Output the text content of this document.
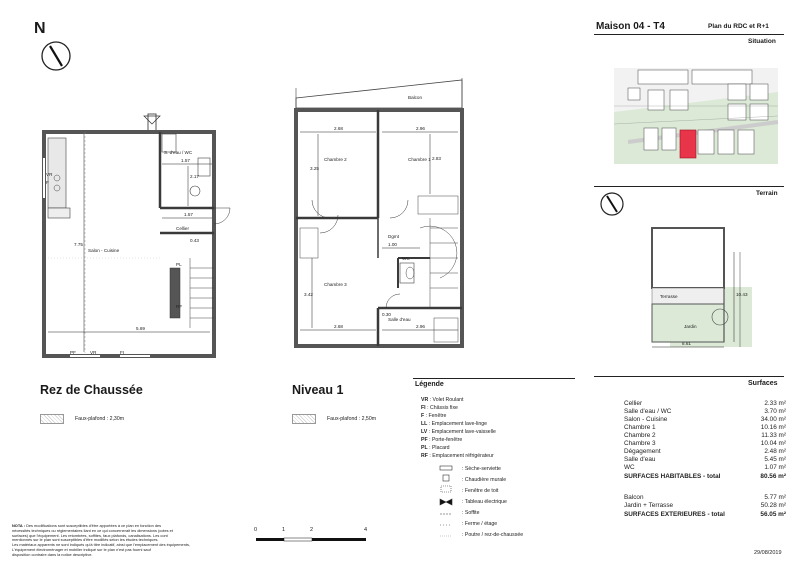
N
S. d'eau / WC
Cellier
Salon - Cuisine
1.57
2.17
1.57
0.43
7.75
5.69
VR
F
PF	VR	FI
PL
RF
Rez de Chaussée
Faux-plafond : 2,30m
Balcon
Chambre 2	Chambre 1
Chambre 3
Dgmt
WC
Salle d'eau
2.68	2.96
3.25
2.83
1.00
3.42
2.68	2.96
0.30
Niveau 1
Faux-plafond : 2,50m
Légende
VR : Volet Roulant
FI : Châssis fixe
F : Fenêtre
LL : Emplacement lave-linge
LV : Emplacement lave-vaisselle
PF : Porte-fenêtre
PL : Placard
RF : Emplacement réfrigérateur
: Sèche-serviette
: Chaudière murale
: Fenêtre de toit
: Tableau électrique
: Soffite
: Ferme / étage
: Poutre / rez-de-chaussée
0	1	2	4
NOTA : Des modifications sont susceptibles d'être apportées à ce plan en fonction des
nécessités techniques ou réglementaires liant en ce qui concernerait les dimensions (cotes et
surfaces) que l'équipement. Les retombées, soffites, faux plafonds, canalisations. Les cont
mentionnés sur le plan sont susceptibles d'être modifiés selon les études techniques.
Les matériaux apparents ne sont indiqués qu'à titre indicatif, ainsi que l'emplacement des équipements,
L'équipement électroménager et mobilier indiqué sur le plan n'est pas fourni sauf
disposition contraire dans la notice descriptive.
Maison 04 - T4	Plan du RDC et R+1
Situation
Terrain
Jardin
Terrasse
8.61
10.43
Surfaces
Cellier	2.33 m²
Salle d'eau / WC	3.70 m²
Salon - Cuisine	34.00 m²
Chambre 1	10.16 m²
Chambre 2	11.33 m²
Chambre 3	10.04 m²
Dégagement	2.48 m²
Salle d'eau	5.45 m²
WC	1.07 m²
SURFACES HABITABLES - total	80.56 m²
Balcon	5.77 m²
Jardin + Terrasse	50.28 m²
SURFACES EXTERIEURES - total	56.05 m²
29/08/2019
